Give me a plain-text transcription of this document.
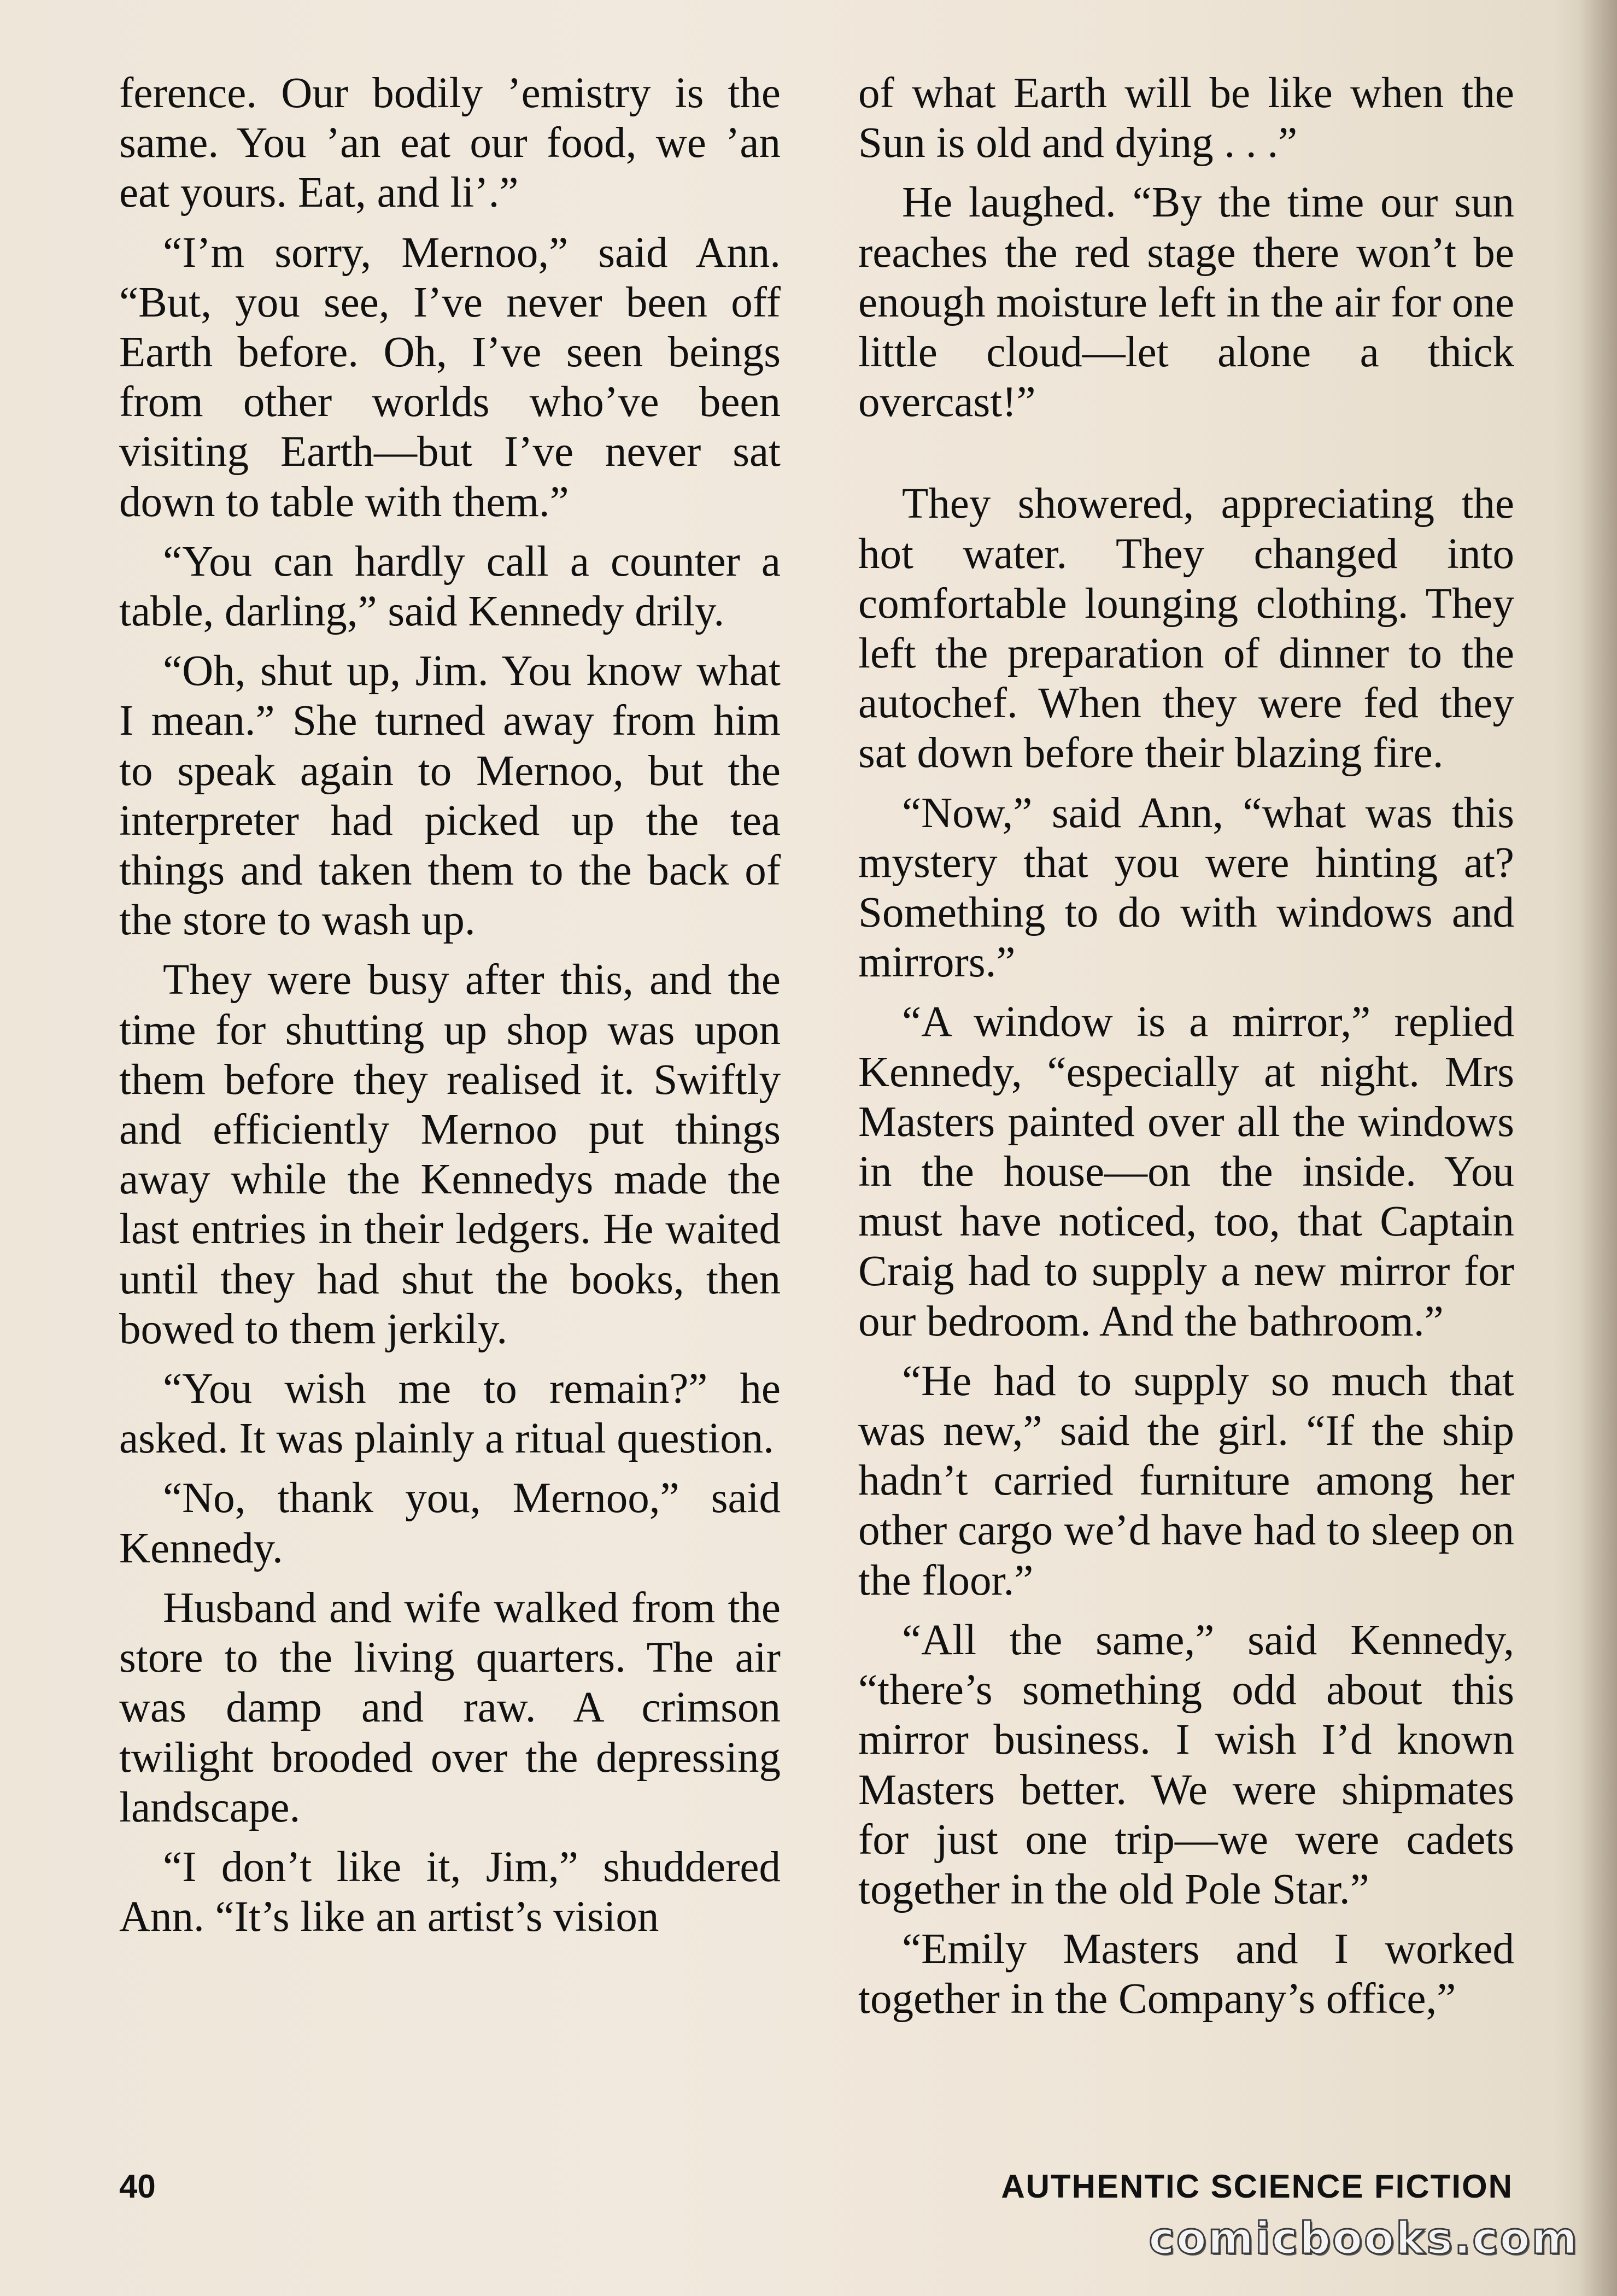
ference. Our bodily ’emistry is the same. You ’an eat our food, we ’an eat yours. Eat, and li’.”

“I’m sorry, Mernoo,” said Ann. “But, you see, I’ve never been off Earth before. Oh, I’ve seen beings from other worlds who’ve been visiting Earth—but I’ve never sat down to table with them.”

“You can hardly call a counter a table, darling,” said Kennedy drily.

“Oh, shut up, Jim. You know what I mean.” She turned away from him to speak again to Mernoo, but the interpreter had picked up the tea things and taken them to the back of the store to wash up.

They were busy after this, and the time for shutting up shop was upon them before they realised it. Swiftly and efficiently Mernoo put things away while the Kennedys made the last entries in their ledgers. He waited until they had shut the books, then bowed to them jerkily.

“You wish me to remain?” he asked. It was plainly a ritual question.

“No, thank you, Mernoo,” said Kennedy.

Husband and wife walked from the store to the living quarters. The air was damp and raw. A crimson twilight brooded over the depressing landscape.

“I don’t like it, Jim,” shuddered Ann. “It’s like an artist’s vision

of what Earth will be like when the Sun is old and dying . . .”

He laughed. “By the time our sun reaches the red stage there won’t be enough moisture left in the air for one little cloud—let alone a thick overcast!”

They showered, appreciating the hot water. They changed into comfortable lounging clothing. They left the preparation of dinner to the autochef. When they were fed they sat down before their blazing fire.

“Now,” said Ann, “what was this mystery that you were hinting at? Something to do with windows and mirrors.”

“A window is a mirror,” replied Kennedy, “especially at night. Mrs Masters painted over all the windows in the house—on the inside. You must have noticed, too, that Captain Craig had to supply a new mirror for our bedroom. And the bathroom.”

“He had to supply so much that was new,” said the girl. “If the ship hadn’t carried furniture among her other cargo we’d have had to sleep on the floor.”

“All the same,” said Kennedy, “there’s something odd about this mirror business. I wish I’d known Masters better. We were shipmates for just one trip—we were cadets together in the old Pole Star.”

“Emily Masters and I worked together in the Company’s office,”

40	AUTHENTIC SCIENCE FICTION
comicbooks.com
